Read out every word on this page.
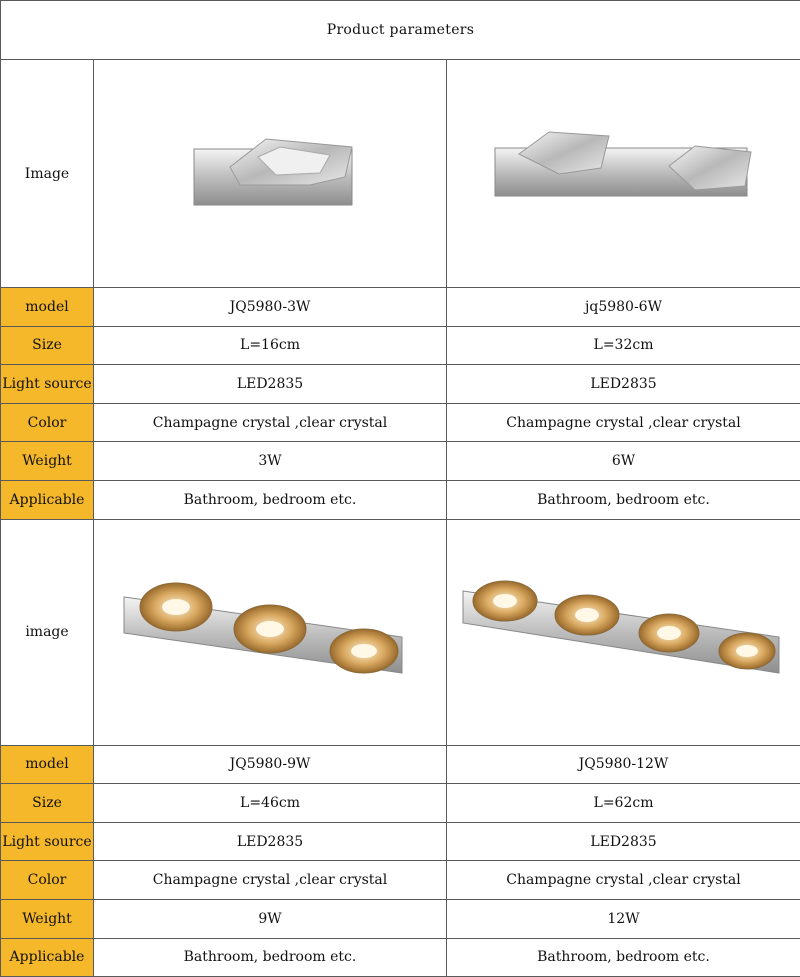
Product parameters		
Image	

model	JQ5980-3W	jq5980-6W
Size	L=16cm	L=32cm
Light source	LED2835	LED2835
Color	Champagne crystal ,clear crystal	Champagne crystal ,clear crystal
Weight	3W	6W
Applicable	Bathroom, bedroom etc.	Bathroom, bedroom etc.
image	

model	JQ5980-9W	JQ5980-12W
Size	L=46cm	L=62cm
Light source	LED2835	LED2835
Color	Champagne crystal ,clear crystal	Champagne crystal ,clear crystal
Weight	9W	12W
Applicable	Bathroom, bedroom etc.	Bathroom, bedroom etc.
